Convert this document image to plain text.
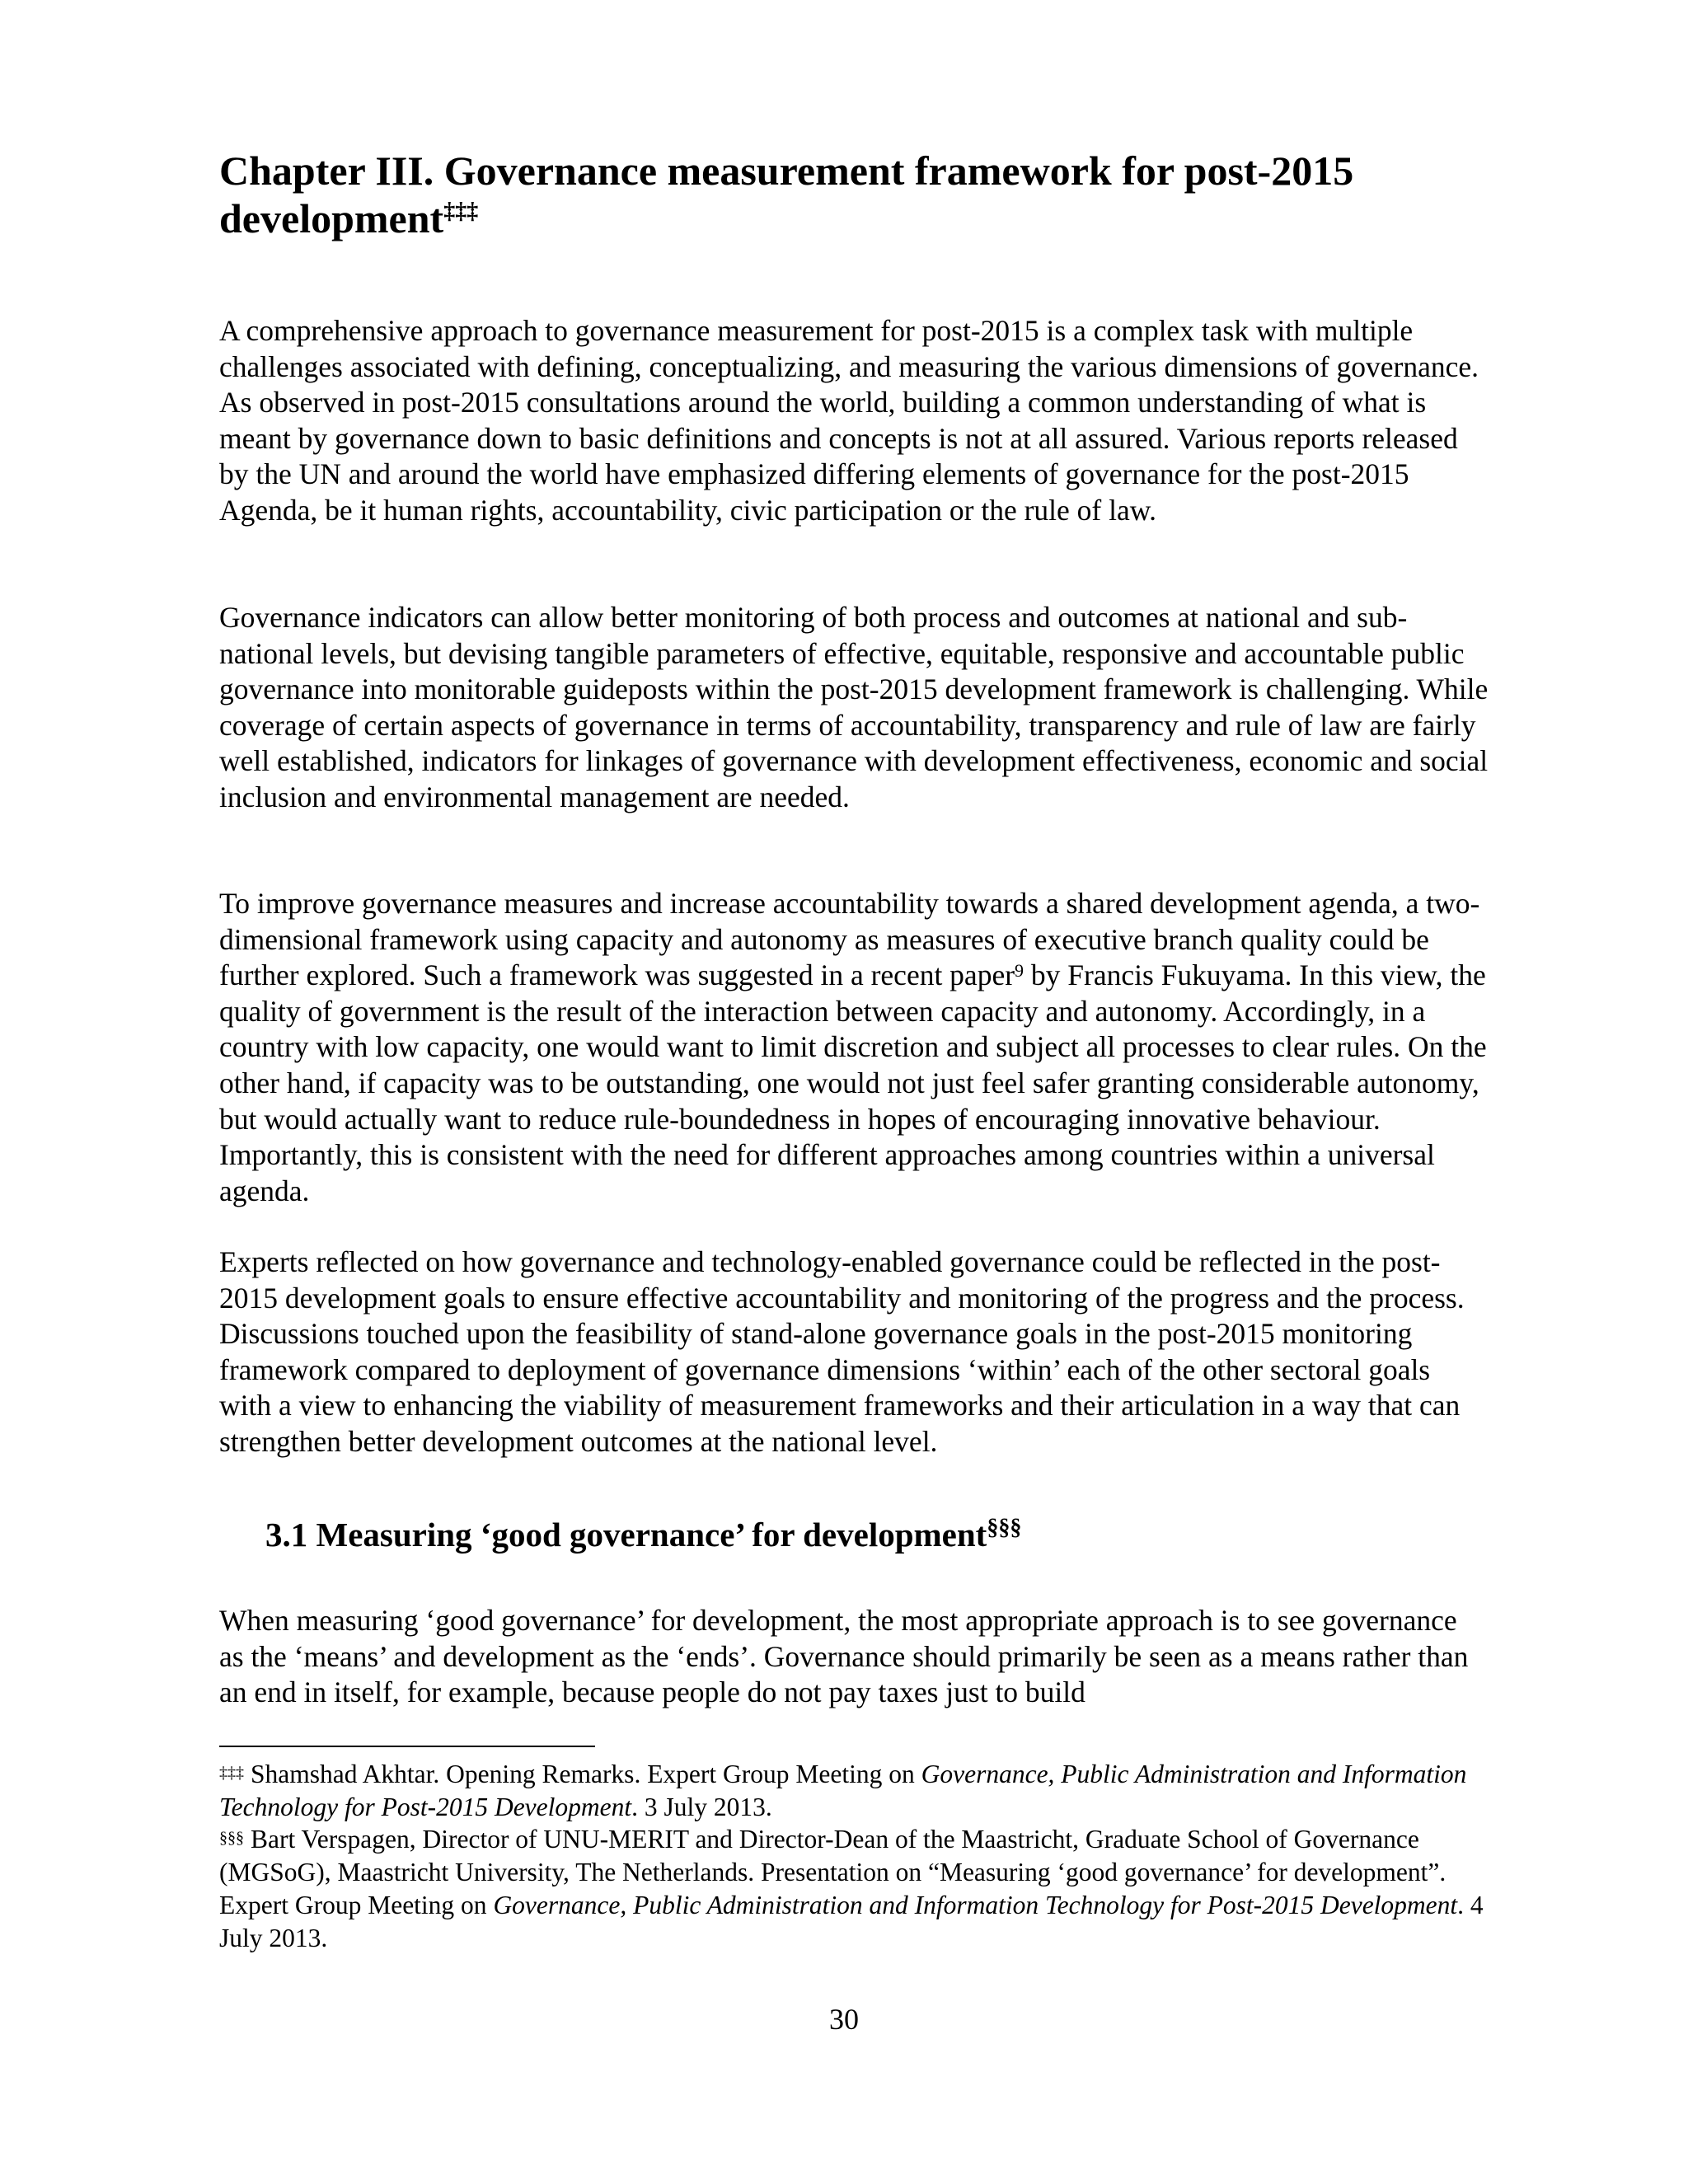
Chapter III. Governance measurement framework for post-2015 development‡‡‡

A comprehensive approach to governance measurement for post-2015 is a complex task with multiple challenges associated with defining, conceptualizing, and measuring the various dimensions of governance. As observed in post-2015 consultations around the world, building a common understanding of what is meant by governance down to basic definitions and concepts is not at all assured. Various reports released by the UN and around the world have emphasized differing elements of governance for the post-2015 Agenda, be it human rights, accountability, civic participation or the rule of law.

Governance indicators can allow better monitoring of both process and outcomes at national and sub-national levels, but devising tangible parameters of effective, equitable, responsive and accountable public governance into monitorable guideposts within the post-2015 development framework is challenging. While coverage of certain aspects of governance in terms of accountability, transparency and rule of law are fairly well established, indicators for linkages of governance with development effectiveness, economic and social inclusion and environmental management are needed.

To improve governance measures and increase accountability towards a shared development agenda, a two-dimensional framework using capacity and autonomy as measures of executive branch quality could be further explored. Such a framework was suggested in a recent paper$^9$ by Francis Fukuyama. In this view, the quality of government is the result of the interaction between capacity and autonomy. Accordingly, in a country with low capacity, one would want to limit discretion and subject all processes to clear rules. On the other hand, if capacity was to be outstanding, one would not just feel safer granting considerable autonomy, but would actually want to reduce rule-boundedness in hopes of encouraging innovative behaviour. Importantly, this is consistent with the need for different approaches among countries within a universal agenda.

Experts reflected on how governance and technology-enabled governance could be reflected in the post-2015 development goals to ensure effective accountability and monitoring of the progress and the process. Discussions touched upon the feasibility of stand-alone governance goals in the post-2015 monitoring framework compared to deployment of governance dimensions ‘within’ each of the other sectoral goals with a view to enhancing the viability of measurement frameworks and their articulation in a way that can strengthen better development outcomes at the national level.

3.1 Measuring ‘good governance’ for development§§§

When measuring ‘good governance’ for development, the most appropriate approach is to see governance as the ‘means’ and development as the ‘ends’. Governance should primarily be seen as a means rather than an end in itself, for example, because people do not pay taxes just to build

‡‡‡ Shamshad Akhtar. Opening Remarks. Expert Group Meeting on Governance, Public Administration and Information Technology for Post-2015 Development. 3 July 2013.

§§§ Bart Verspagen, Director of UNU-MERIT and Director-Dean of the Maastricht, Graduate School of Governance (MGSoG), Maastricht University, The Netherlands. Presentation on “Measuring ‘good governance’ for development”. Expert Group Meeting on Governance, Public Administration and Information Technology for Post-2015 Development. 4 July 2013.

30
